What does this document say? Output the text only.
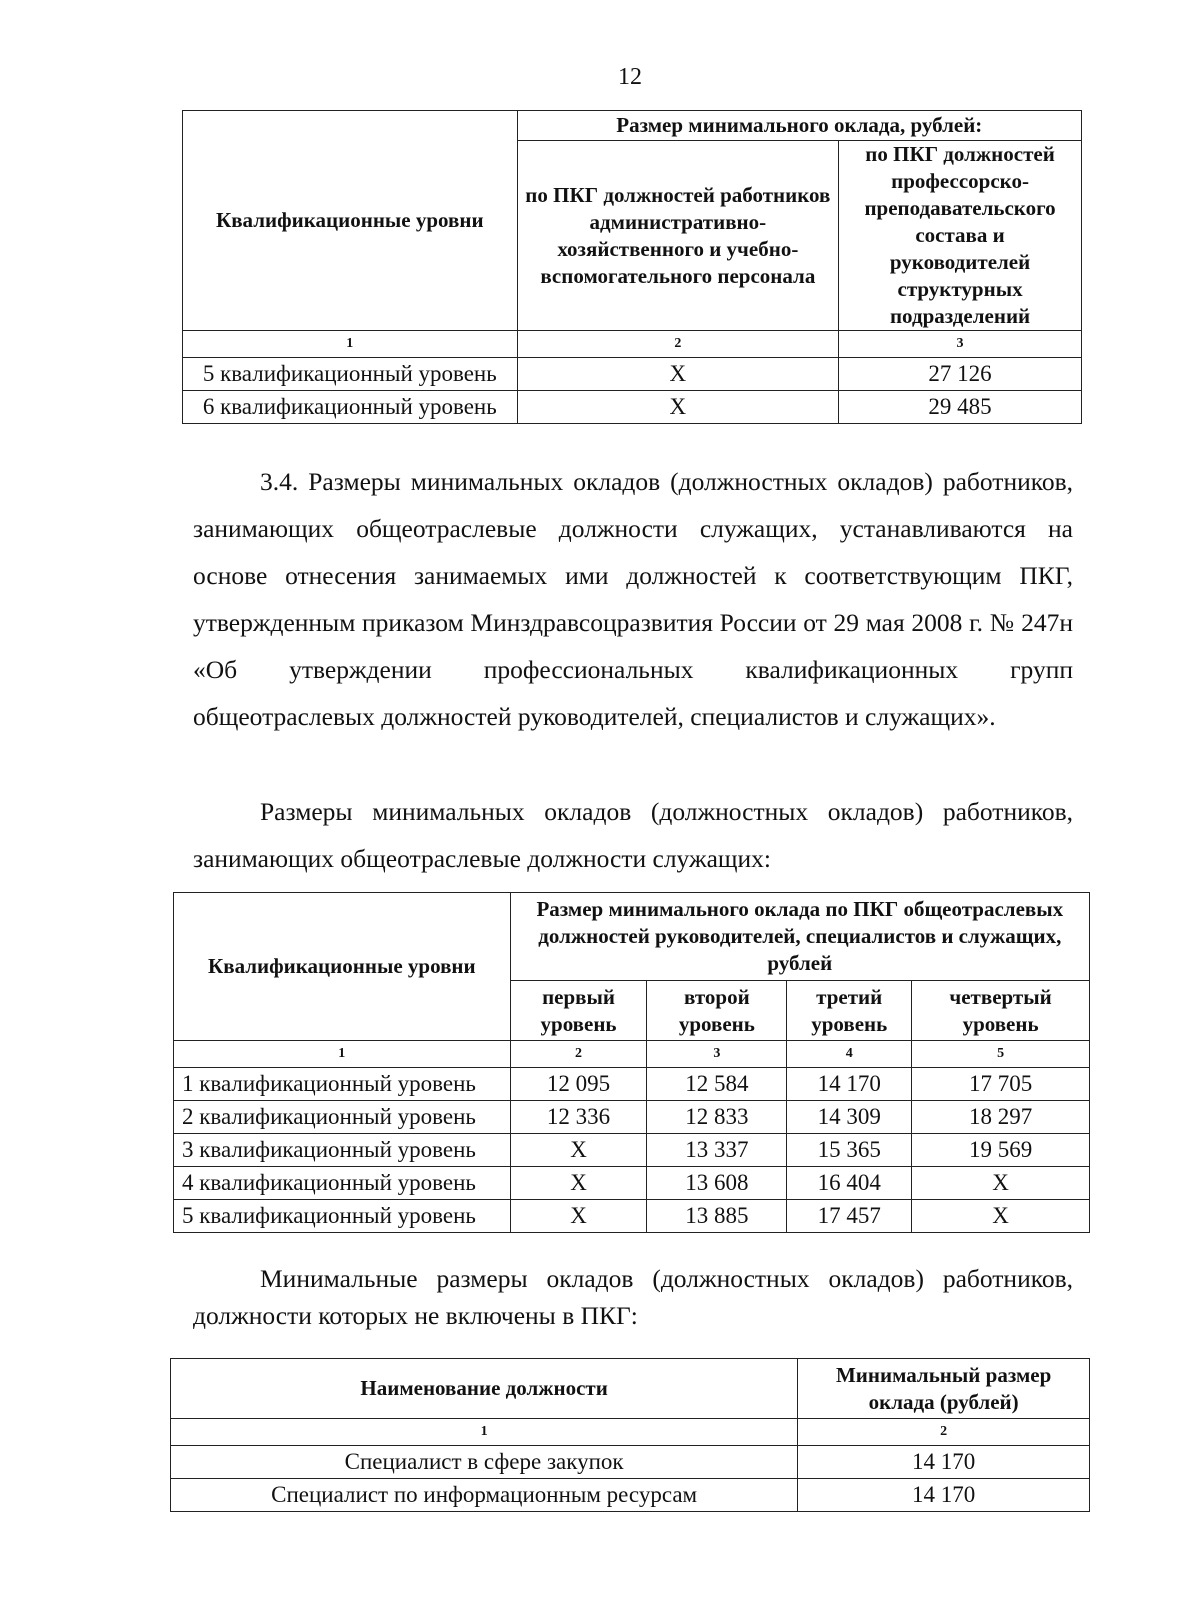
12
Квалификационные уровни	Размер минимального оклада, рублей:	
	по ПКГ должностей работников административно-хозяйственного и учебно-вспомогательного персонала	по ПКГ должностей профессорско-преподавательского состава и руководителей структурных подразделений
1	2	3
5 квалификационный уровень	Х	27 126
6 квалификационный уровень	Х	29 485

3.4. Размеры минимальных окладов (должностных окладов) работников, занимающих общеотраслевые должности служащих, устанавливаются на основе отнесения занимаемых ими должностей к соответствующим ПКГ, утвержденным приказом Минздравсоцразвития России от 29 мая 2008 г. № 247н «Об утверждении профессиональных квалификационных групп общеотраслевых должностей руководителей, специалистов и служащих».

Размеры минимальных окладов (должностных окладов) работников, занимающих общеотраслевые должности служащих:

Квалификационные уровни	Размер минимального оклада по ПКГ общеотраслевых должностей руководителей, специалистов и служащих, рублей			
	первый уровень	второй уровень	третий уровень	четвертый уровень
1	2	3	4	5
1 квалификационный уровень	12 095	12 584	14 170	17 705
2 квалификационный уровень	12 336	12 833	14 309	18 297
3 квалификационный уровень	Х	13 337	15 365	19 569
4 квалификационный уровень	Х	13 608	16 404	Х
5 квалификационный уровень	Х	13 885	17 457	Х

Минимальные размеры окладов (должностных окладов) работников, должности которых не включены в ПКГ:

Наименование должности	Минимальный размер оклада (рублей)
1	2
Специалист в сфере закупок	14 170
Специалист по информационным ресурсам	14 170
